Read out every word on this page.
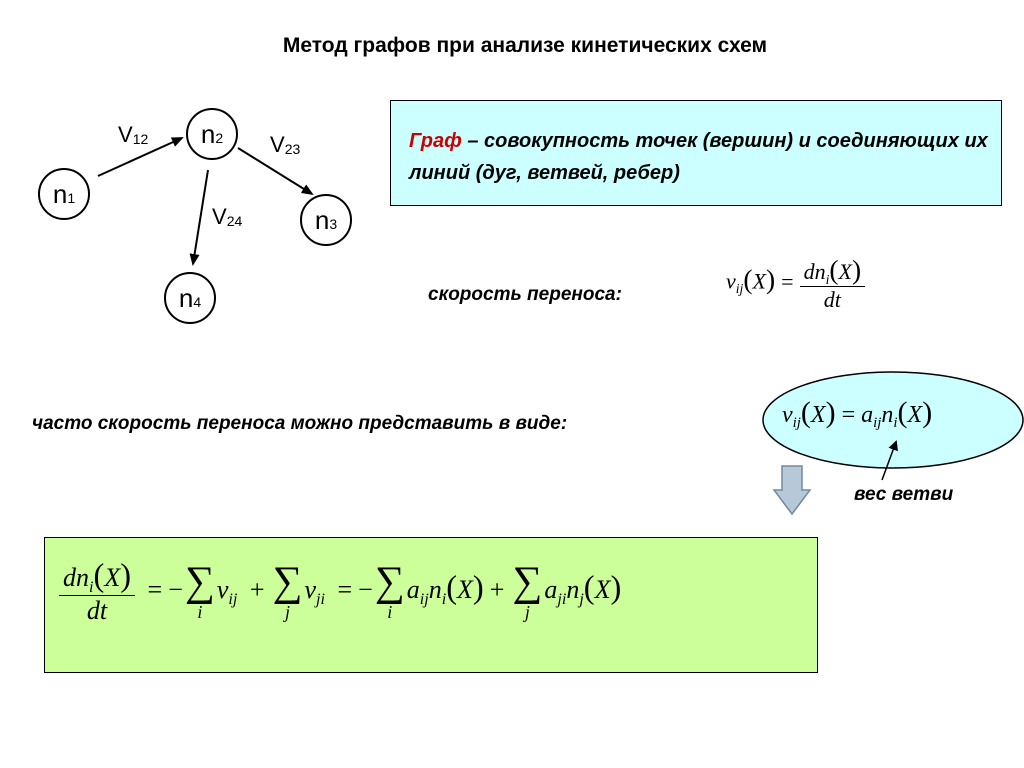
Метод графов при анализе кинетических схем
n1
n2
n3
n4
$V_{12}$	$V_{23}$
$V_{24}$
Граф – совокупность точек (вершин) и соединяющих их линий (дуг, ветвей, ребер)
скорость переноса:
$v_{ij}(X) = \frac{dn_i(X)}{dt}$
часто скорость переноса можно представить в виде:	$v_{ij}(X) = a_{ij}n_i(X)$
вес ветви
$\frac{dn_i(X)}{dt}$ = − ∑
i
$v_{ij}$ + ∑
j
$v_{ji}$ = − ∑
i
$a_{ij}n_i(X)$ + ∑
j
$a_{ji}n_j(X)$
